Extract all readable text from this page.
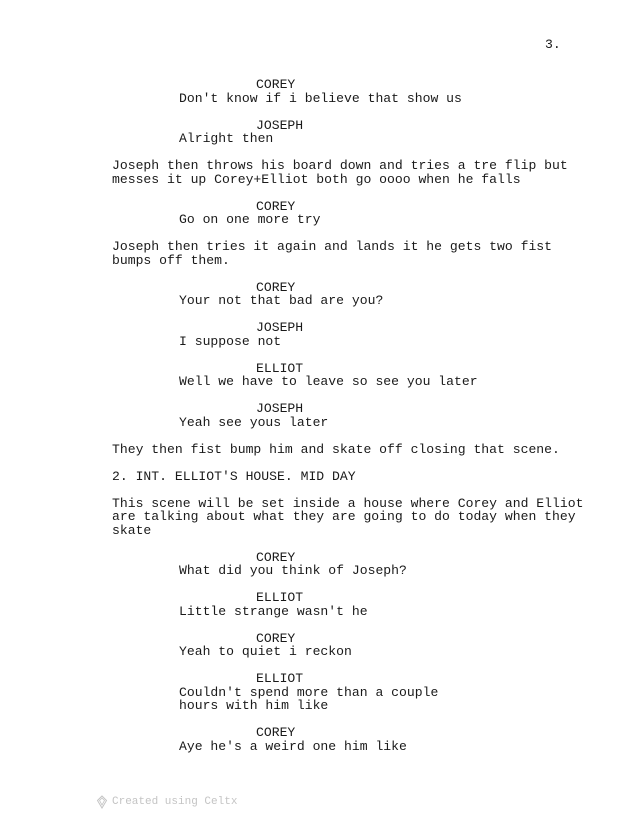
3.
COREY
Don't know if i believe that show us
JOSEPH
Alright then
Joseph then throws his board down and tries a tre flip but
messes it up Corey+Elliot both go oooo when he falls
COREY
Go on one more try
Joseph then tries it again and lands it he gets two fist
bumps off them.
COREY
Your not that bad are you?
JOSEPH
I suppose not
ELLIOT
Well we have to leave so see you later
JOSEPH
Yeah see yous later
They then fist bump him and skate off closing that scene.
2. INT. ELLIOT'S HOUSE. MID DAY
This scene will be set inside a house where Corey and Elliot
are talking about what they are going to do today when they
skate
COREY
What did you think of Joseph?
ELLIOT
Little strange wasn't he
COREY
Yeah to quiet i reckon
ELLIOT
Couldn't spend more than a couple
hours with him like
COREY
Aye he's a weird one him like
Created using Celtx
